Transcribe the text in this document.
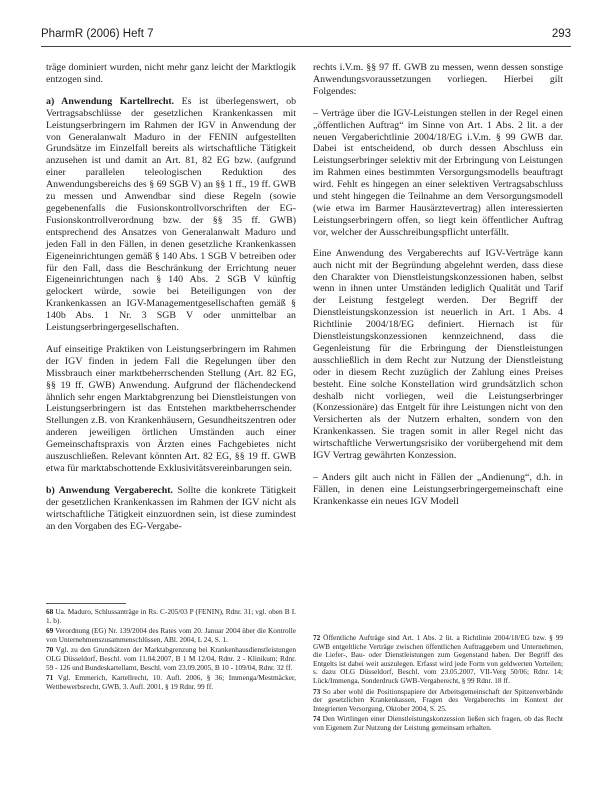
PharmR (2006) Heft 7	293

träge dominiert wurden, nicht mehr ganz leicht der Marktlogik entzogen sind.

a) Anwendung Kartellrecht. Es ist überlegenswert, ob Vertragsabschlüsse der gesetzlichen Krankenkassen mit Leistungserbringern im Rahmen der IGV in Anwendung der von Generalanwalt Maduro in der FENIN aufgestellten Grundsätze im Einzelfall bereits als wirtschaftliche Tätigkeit anzusehen ist und damit an Art. 81, 82 EG bzw. (aufgrund einer parallelen teleologischen Reduktion des Anwendungsbereichs des § 69 SGB V) an §§ 1 ff., 19 ff. GWB zu messen und Anwendbar sind diese Regeln (sowie gegebenenfalls die Fusionskontrollvorschriften der EG-Fusionskontrollverordnung bzw. der §§ 35 ff. GWB) entsprechend des Ansatzes von Generalanwalt Maduro und jeden Fall in den Fällen, in denen gesetzliche Krankenkassen Eigeneinrichtungen gemäß § 140 Abs. 1 SGB V betreiben oder für den Fall, dass die Beschränkung der Errichtung neuer Eigeneinrichtungen nach § 140 Abs. 2 SGB V künftig gelockert würde, sowie bei Beteiligungen von der Krankenkassen an IGV-Managementgesellschaften gemäß § 140b Abs. 1 Nr. 3 SGB V oder unmittelbar an Leistungserbringergesellschaften.

Auf einseitige Praktiken von Leistungserbringern im Rahmen der IGV finden in jedem Fall die Regelungen über den Missbrauch einer marktbeherrschenden Stellung (Art. 82 EG, §§ 19 ff. GWB) Anwendung. Aufgrund der flächendeckend ähnlich sehr engen Marktabgrenzung bei Dienstleistungen von Leistungserbringern ist das Entstehen marktbeherrschender Stellungen z.B. von Krankenhäusern, Gesundheitszentren oder anderen jeweiligen örtlichen Umständen auch einer Gemeinschaftspraxis von Ärzten eines Fachgebietes nicht auszuschließen. Relevant könnten Art. 82 EG, §§ 19 ff. GWB etwa für marktabschottende Exklusivitätsvereinbarungen sein.

b) Anwendung Vergaberecht. Sollte die konkrete Tätigkeit der gesetzlichen Krankenkassen im Rahmen der IGV nicht als wirtschaftliche Tätigkeit einzuordnen sein, ist diese zumindest an den Vorgaben des EG-Vergabe-

rechts i.V.m. §§ 97 ff. GWB zu messen, wenn dessen sonstige Anwendungsvoraussetzungen vorliegen. Hierbei gilt Folgendes:

– Verträge über die IGV-Leistungen stellen in der Regel einen „öffentlichen Auftrag“ im Sinne von Art. 1 Abs. 2 lit. a der neuen Vergaberichtlinie 2004/18/EG i.V.m. § 99 GWB dar. Dabei ist entscheidend, ob durch dessen Abschluss ein Leistungserbringer selektiv mit der Erbringung von Leistungen im Rahmen eines bestimmten Versorgungsmodells beauftragt wird. Fehlt es hingegen an einer selektiven Vertragsabschluss und steht hingegen die Teilnahme an dem Versorgungsmodell (wie etwa im Barmer Hausärztevertrag) allen interessierten Leistungserbringern offen, so liegt kein öffentlicher Auftrag vor, welcher der Ausschreibungspflicht unterfällt.

Eine Anwendung des Vergaberechts auf IGV-Verträge kann auch nicht mit der Begründung abgelehnt werden, dass diese den Charakter von Dienstleistungskonzessionen haben, selbst wenn in ihnen unter Umständen lediglich Qualität und Tarif der Leistung festgelegt werden. Der Begriff der Dienstleistungskonzession ist neuerlich in Art. 1 Abs. 4 Richtlinie 2004/18/EG definiert. Hiernach ist für Dienstleistungskonzessionen kennzeichnend, dass die Gegenleistung für die Erbringung der Dienstleistungen ausschließlich in dem Recht zur Nutzung der Dienstleistung oder in diesem Recht zuzüglich der Zahlung eines Preises besteht. Eine solche Konstellation wird grundsätzlich schon deshalb nicht vorliegen, weil die Leistungserbringer (Konzessionäre) das Entgelt für ihre Leistungen nicht von den Versicherten als der Nutzern erhalten, sondern von den Krankenkassen. Sie tragen somit in aller Regel nicht das wirtschaftliche Verwertungsrisiko der vorübergehend mit dem IGV Vertrag gewährten Konzession.

– Anders gilt auch nicht in Fällen der „Andienung“, d.h. in Fällen, in denen eine Leistungserbringergemeinschaft eine Krankenkasse ein neues IGV Modell

68 Ua. Maduro, Schlussanträge in Rs. C-205/03 P (FENIN), Rdnr. 31; vgl. oben B I. 1. b).
69 Verordnung (EG) Nr. 139/2004 des Rates vom 20. Januar 2004 über die Kontrolle von Unternehmenszusammenschlüssen, ABl. 2004, L 24, S. 1.
70 Vgl. zu den Grundsätzen der Marktabgrenzung bei Krankenhausdienstleistungen OLG Düsseldorf, Beschl. vom 11.04.2007, B 1 M 12/04, Rdnr. 2 - Klinikum; Rdnr. 59 - 126 und Bundeskartellamt, Beschl. vom 23.09.2005, B 10 - 109/04, Rdnr. 32 ff.
71 Vgl. Emmerich, Kartellrecht, 10. Aufl. 2006, § 36; Immenga/Mestmäcker, Wettbewerbsrecht, GWB, 3. Aufl. 2001, § 19 Rdnr. 99 ff.
72 Öffentliche Aufträge sind Art. 1 Abs. 2 lit. a Richtlinie 2004/18/EG bzw. § 99 GWB entgeltliche Verträge zwischen öffentlichen Auftraggebern und Unternehmen, die Liefer-, Bau- oder Dienstleistungen zum Gegenstand haben. Der Begriff des Entgelts ist dabei weit auszulegen. Erfasst wird jede Form von geldwerten Vorteilen; s. dazu OLG Düsseldorf, Beschl. vom 23.05.2007, VII-Verg 50/06; Rdnr. 14; Lück/Immenga, Sonderdruck GWB-Vergaberecht, § 99 Rdnr. 18 ff.
73 So aber wohl die Positionspapiere der Arbeitsgemeinschaft der Spitzenverbände der gesetzlichen Krankenkassen, Fragen des Vergaberechts im Kontext der Integrierten Versorgung, Oktober 2004, S. 25.
74 Den Wirtlingen einer Dienstleistungskonzession ließen sich fragen, ob das Recht von Eigenem Zur Nutzung der Leistung gemeinsam erhalten.
